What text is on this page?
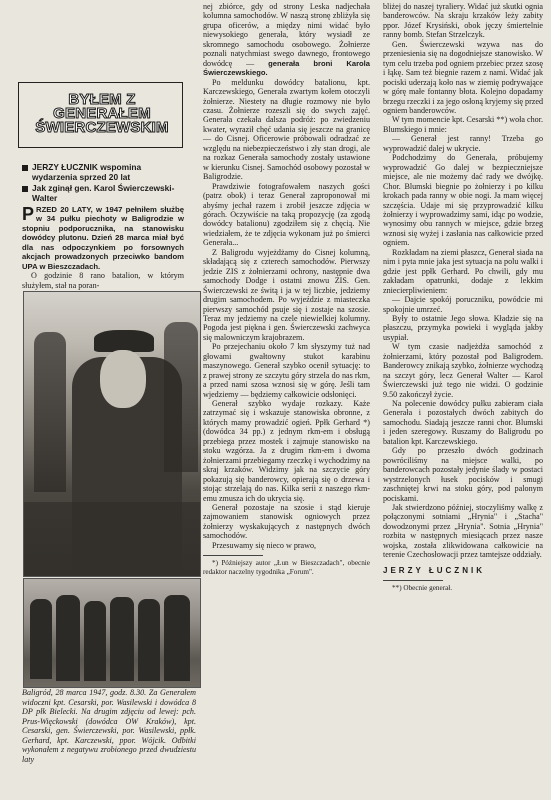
BYŁEM Z GENERAŁEM ŚWIERCZEWSKIM
JERZY ŁUCZNIK wspomina wydarzenia sprzed 20 lat
Jak zginął gen. Karol Świerczewski-Walter
PRZED 20 LATY, w 1947 pełniłem służbę w 34 pułku piechoty w Baligrodzie w stopniu podporucznika, na stanowisku dowódcy plutonu. Dzień 28 marca miał być dla nas odpoczynkiem po forsownych akcjach prowadzonych przeciwko bandom UPA w Bieszczadach.
O godzinie 8 rano batalion, w którym służyłem, stał na poran-
Baligród, 28 marca 1947, godz. 8.30. Za Generałem widoczni kpt. Cesarski, por. Wasilewski i dowódca 8 DP płk Bielecki. Na drugim zdjęciu od lewej: pch. Prus-Więckowski (dowódca OW Kraków), kpt. Cesarski, gen. Świerczewski, por. Wasilewski, ppłk. Gerhard, kpt. Karczewski, ppor. Wójcik. Odbitki wykonałem z negatywu zrobionego przed dwudziestu laty

nej zbiórce, gdy od strony Leska nadjechała kolumna samochodów. W naszą stronę zbliżyła się grupa oficerów, a między nimi widać było niewysokiego generała, który wysiadł ze skromnego samochodu osobowego. Żołnierze poznali natychmiast swego dawnego, frontowego dowódcę — generała broni Karola Świerczewskiego.

Po meldunku dowódcy batalionu, kpt. Karczewskiego, Generała zwartym kołem otoczyli żołnierze. Niestety na długie rozmowy nie było czasu. Żołnierze rozeszli się do swych zajęć. Generała czekała dalsza podróż: po zwiedzeniu kwater, wyraził chęć udania się jeszcze na granicę — do Cisnej. Oficerowie próbowali odradzać ze względu na niebezpieczeństwo i zły stan drogi, ale na rozkaz Generała samochody zostały ustawione w kierunku Cisnej. Samochód osobowy pozostał w Baligrodzie.

Prawdziwie fotografowałem naszych gości (patrz obok) i teraz Generał zaproponował mi abyśmy jechał razem i zrobił jeszcze zdjęcia w górach. Oczywiście na taką propozycję (za zgodą dowódcy batalionu) zgodziłem się z chęcią. Nie wiedziałem, że te zdjęcia wykonam już po śmierci Generała...

Z Baligrodu wyjeżdżamy do Cisnej kolumną, składającą się z czterech samochodów. Pierwszy jedzie ZIS z żołnierzami ochrony, następnie dwa samochody Dodge i ostatni znowu ZIS. Gen. Świerczewski ze świtą i ja w tej liczbie, jedziemy drugim samochodem. Po wyjeździe z miasteczka pierwszy samochód psuje się i zostaje na szosie. Teraz my jedziemy na czele niewielkiej kolumny. Pogoda jest piękna i gen. Świerczewski zachwyca się malowniczym krajobrazem.

Po przejechaniu około 7 km słyszymy tuż nad głowami gwałtowny stukot karabinu maszynowego. Generał szybko ocenił sytuację: to z prawej strony ze szczytu góry strzela do nas rkm, a przed nami szosa wznosi się w górę. Jeśli tam wjedziemy — będziemy całkowicie odsłonięci.

Generał szybko wydaje rozkazy. Każe zatrzymać się i wskazuje stanowiska obronne, z których mamy prowadzić ogień. Ppłk Gerhard *) (dowódca 34 pp.) z jednym rkm-em i obsługą przebiega przez mostek i zajmuje stanowisko na stoku wzgórza. Ja z drugim rkm-em i dwoma żołnierzami przebiegamy rzeczkę i wychodzimy na skraj krzaków. Widzimy jak na szczycie góry pokazują się banderowcy, opierają się o drzewa i stojąc strzelają do nas. Kilka serii z naszego rkm-emu zmusza ich do ukrycia się.

Generał pozostaje na szosie i stąd kieruje zajmowaniem stanowisk ogniowych przez żołnierzy wyskakujących z następnych dwóch samochodów.

Przesuwamy się nieco w prawo,

*) Późniejszy autor „Łun w Bieszczadach", obecnie redaktor naczelny tygodnika „Forum".

bliżej do naszej tyraliery. Widać już skutki ognia banderowców. Na skraju krzaków leży zabity ppor. Józef Krysiński, obok jęczy śmiertelnie ranny bomb. Stefan Strzelczyk.

Gen. Świerczewski wzywa nas do przeniesienia się na dogodniejsze stanowisko. W tym celu trzeba pod ogniem przebiec przez szosę i łąkę. Sam też biegnie razem z nami. Widać jak pociski uderzają koło nas w ziemię podrywające w górę małe fontanny błota. Kolejno dopadamy brzegu rzeczki i za jego osłoną kryjemy się przed ogniem banderowców.

W tym momencie kpt. Cesarski **) woła chor. Blumskiego i mnie:

— Generał jest ranny! Trzeba go wyprowadzić dalej w ukrycie.

Podchodzimy do Generała, próbujemy wyprowadzić Go dalej w bezpieczniejsze miejsce, ale nie możemy dać rady we dwójkę. Chor. Blumski biegnie po żołnierzy i po kilku krokach pada ranny w obie nogi. Ja mam więcej szczęścia. Udaje mi się przyprowadzić kilku żołnierzy i wyprowadzimy sami, idąc po wodzie, wynosimy obu rannych w miejsce, gdzie brzeg wznosi się wyżej i zasłania nas całkowicie przed ogniem.

Rozkładam na ziemi płaszcz, Generał siada na nim i pyta mnie jaka jest sytuacja na polu walki i gdzie jest ppłk Gerhard. Po chwili, gdy mu zakładam opatrunki, dodaje z lekkim zniecierpliwieniem:

— Dajcie spokój poruczniku, powódcie mi spokojnie umrzeć.

Były to ostatnie Jego słowa. Kładzie się na płaszczu, przymyka powieki i wygląda jakby usypiał.

W tym czasie nadjeżdża samochód z żołnierzami, który pozostał pod Baligrodem. Banderowcy znikają szybko, żołnierze wychodzą na szczyt góry, lecz Generał Walter — Karol Świerczewski już tego nie widzi. O godzinie 9.50 zakończył życie.

Na polecenie dowódcy pułku zabieram ciała Generała i pozostałych dwóch zabitych do samochodu. Siadają jeszcze ranni chor. Blumski i jeden szeregowy. Ruszamy do Baligrodu po batalion kpt. Karczewskiego.

Gdy po przeszło dwóch godzinach powróciliśmy na miejsce walki, po banderowcach pozostały jedynie ślady w postaci wystrzelonych łusek pocisków i smugi zaschniętej krwi na stoku góry, pod palonym pociskami.

Jak stwierdzono później, stoczyliśmy walkę z połączonymi sotniami „Hrynia" i „Stacha" dowodzonymi przez „Hrynia". Sotnia „Hrynia" rozbita w następnych miesiącach przez nasze wojska, została zlikwidowana całkowicie na terenie Czechosłowacji przez tamtejsze oddziały.

JERZY ŁUCZNIK

**) Obecnie generał.
